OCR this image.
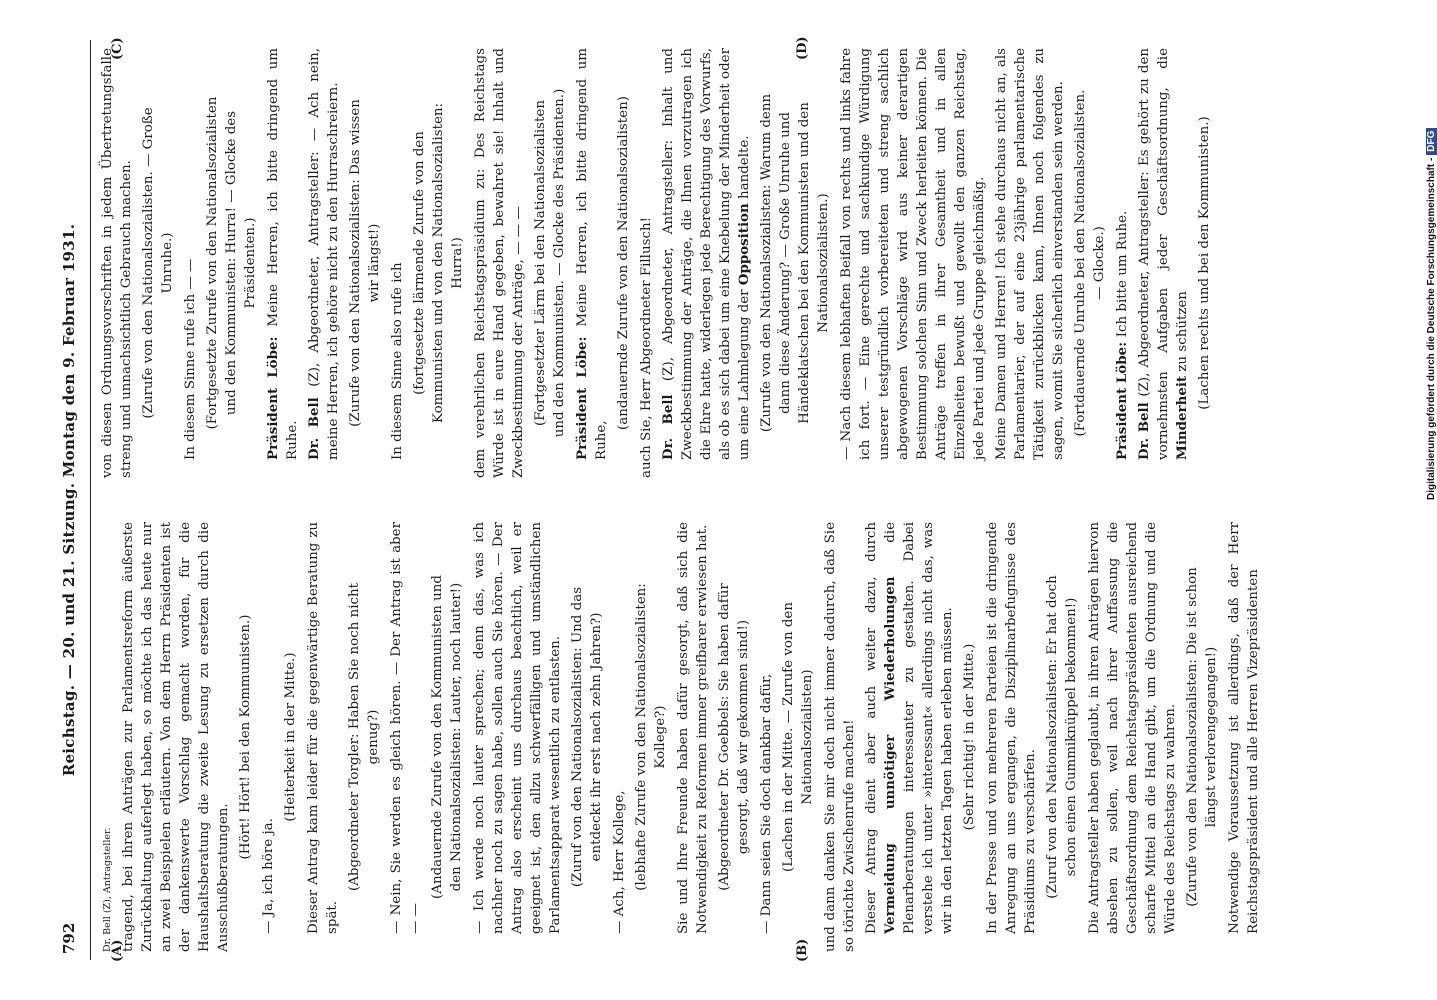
792
Reichstag. — 20. und 21. Sitzung. Montag den 9. Februar 1931.
(A)	(B)
(C)	(D)
Dr. Bell (Z), Antragsteller. tragend, bei ihren Anträgen zur Parlamentsreform äußerste Zurückhaltung auferlegt haben, so möchte ich das heute nur an zwei Beispielen erläutern. Von dem Herrn Präsidenten ist der dankenswerte Vorschlag gemacht worden, für die Haushaltsberatung die zweite Lesung zu ersetzen durch die Ausschußberatungen.

(Hört! Hört! bei den Kommunisten.)

— Ja, ich höre ja.

(Heiterkeit in der Mitte.) Dieser Antrag kam leider für die gegenwärtige Beratung zu spät.

(Abgeordneter Torgler: Haben Sie noch nicht genug?) — Nein, Sie werden es gleich hören. — Der Antrag ist aber — —

(Andauernde Zurufe von den Kommunisten und den Nationalsozialisten: Lauter, noch lauter!) — Ich werde noch lauter sprechen; denn das, was ich nachher noch zu sagen habe, sollen auch Sie hören. — Der Antrag also erscheint uns durchaus beachtlich, weil er geeignet ist, den allzu schwerfälligen und umständlichen Parlamentsapparat wesentlich zu entlasten. (Zuruf von den Nationalsozialisten: Und das entdeckt ihr erst nach zehn Jahren?)

— Ach, Herr Kollege, (lebhafte Zurufe von den Nationalsozialisten: Kollege?) Sie und Ihre Freunde haben dafür gesorgt, daß sich die Notwendigkeit zu Reformen immer greifbarer erwiesen hat. (Abgeordneter Dr. Goebbels: Sie haben dafür gesorgt, daß wir gekommen sind!) — Dann seien Sie doch dankbar dafür, (Lachen in der Mitte. — Zurufe von den Nationalsozialisten) und dann danken Sie mir doch nicht immer dadurch, daß Sie so törichte Zwischenrufe machen! Dieser Antrag dient aber auch weiter dazu, durch Vermeidung unnötiger Wiederholungen die Plenarberatungen interessanter zu gestalten. Dabei verstehe ich unter »interessant« allerdings nicht das, was wir in den letzten Tagen haben erleben müssen. (Sehr richtig! in der Mitte.) In der Presse und von mehreren Parteien ist die dringende Anregung an uns ergangen, die Disziplinarbefugnisse des Präsidiums zu verschärfen. (Zuruf von den Nationalsozialisten: Er hat doch schon einen Gummiknüppel bekommen!) Die Antragsteller haben geglaubt, in ihren Anträgen hiervon absehen zu sollen, weil nach ihrer Auffassung die Geschäftsordnung dem Reichstagspräsidenten ausreichend scharfe Mittel an die Hand gibt, um die Ordnung und die Würde des Reichstags zu wahren. (Zurufe von den Nationalsozialisten: Die ist schon längst verlorengegangen!) Notwendige Voraussetzung ist allerdings, daß der Herr Reichstagspräsident und alle Herren Vizepräsidenten

von diesen Ordnungsvorschriften in jedem Übertretungsfalle streng und unnachsichtlich Gebrauch machen. (Zurufe von den Nationalsozialisten. — Große Unruhe.) In diesem Sinne rufe ich — — (Fortgesetzte Zurufe von den Nationalsozialisten und den Kommunisten: Hurra! — Glocke des Präsidenten.)

Präsident Löbe: Meine Herren, ich bitte dringend um Ruhe. Dr. Bell (Z), Abgeordneter, Antragsteller: — Ach nein, meine Herren, ich gehöre nicht zu den Hurraschreiern. (Zurufe von den Nationalsozialisten: Das wissen wir längst!) In diesem Sinne also rufe ich (fortgesetzte lärmende Zurufe von den Kommunisten und von den Nationalsozialisten: Hurra!) dem verehrlichen Reichstagspräsidium zu: Des Reichstags Würde ist in eure Hand gegeben, bewahret sie! Inhalt und Zweckbestimmung der Anträge, — — — (Fortgesetzter Lärm bei den Nationalsozialisten und den Kommunisten. — Glocke des Präsidenten.) Präsident Löbe: Meine Herren, ich bitte dringend um Ruhe,

(andauernde Zurufe von den Nationalsozialisten) auch Sie, Herr Abgeordneter Fillusch! Dr. Bell (Z), Abgeordneter, Antragsteller: Inhalt und Zweckbestimmung der Anträge, die Ihnen vorzutragen ich die Ehre hatte, widerlegen jede Berechtigung des Vorwurfs, als ob es sich dabei um eine Knebelung der Minderheit oder um eine Lahmlegung der Opposition handelte. (Zurufe von den Nationalsozialisten: Warum denn dann diese Änderung? — Große Unruhe und Händeklatschen bei den Kommunisten und den Nationalsozialisten.) — Nach diesem lebhaften Beifall von rechts und links fahre ich fort. — Eine gerechte und sachkundige Würdigung unserer testgründlich vorbereiteten und streng sachlich abgewogenen Vorschläge wird aus keiner derartigen Bestimmung solchen Sinn und Zweck herleiten können. Die Anträge treffen in ihrer Gesamtheit und in allen Einzelheiten bewußt und gewollt den ganzen Reichstag, jede Partei und jede Gruppe gleichmäßig. Meine Damen und Herren! Ich stehe durchaus nicht an, als Parlamentarier, der auf eine 23jährige parlamentarische Tätigkeit zurückblicken kann, Ihnen noch folgendes zu sagen, womit Sie sicherlich einverstanden sein werden. (Fortdauernde Unruhe bei den Nationalsozialisten. — Glocke.)

Präsident Löbe: Ich bitte um Ruhe.

Dr. Bell (Z), Abgeordneter, Antragsteller: Es gehört zu den vornehmsten Aufgaben jeder Geschäftsordnung, die Minderheit zu schützen (Lachen rechts und bei den Kommunisten.)	Digitalisierung gefördert durch die Deutsche Forschungsgemeinschaft -DFG
